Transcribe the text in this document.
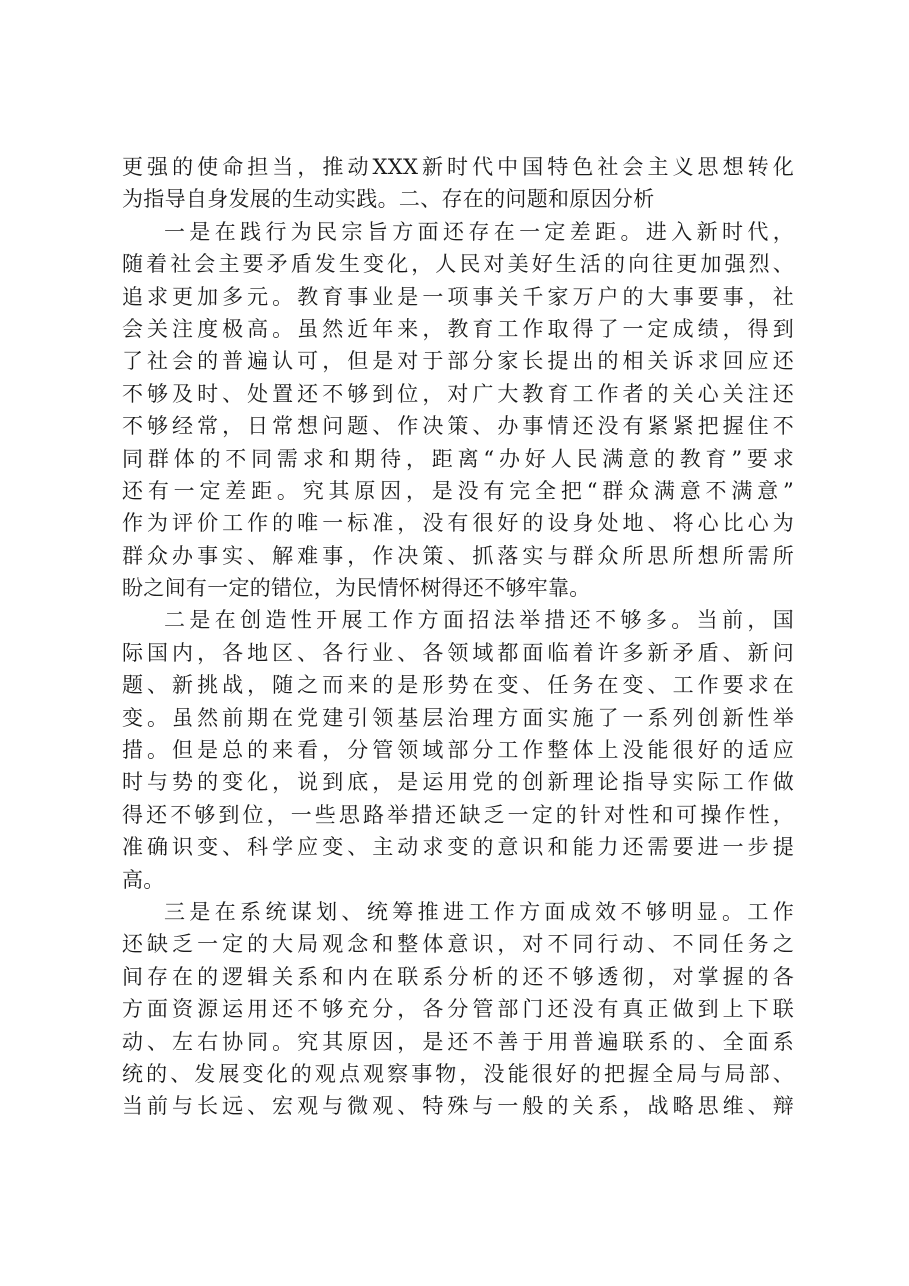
更强的使命担当，推动XXX新时代中国特色社会主义思想转化
为指导自身发展的生动实践。二、存在的问题和原因分析
一是在践行为民宗旨方面还存在一定差距。进入新时代，
随着社会主要矛盾发生变化，人民对美好生活的向往更加强烈、
追求更加多元。教育事业是一项事关千家万户的大事要事，社
会关注度极高。虽然近年来，教育工作取得了一定成绩，得到
了社会的普遍认可，但是对于部分家长提出的相关诉求回应还
不够及时、处置还不够到位，对广大教育工作者的关心关注还
不够经常，日常想问题、作决策、办事情还没有紧紧把握住不
同群体的不同需求和期待，距离“办好人民满意的教育”要求
还有一定差距。究其原因，是没有完全把“群众满意不满意”
作为评价工作的唯一标准，没有很好的设身处地、将心比心为
群众办事实、解难事，作决策、抓落实与群众所思所想所需所
盼之间有一定的错位，为民情怀树得还不够牢靠。
二是在创造性开展工作方面招法举措还不够多。当前，国
际国内，各地区、各行业、各领域都面临着许多新矛盾、新问
题、新挑战，随之而来的是形势在变、任务在变、工作要求在
变。虽然前期在党建引领基层治理方面实施了一系列创新性举
措。但是总的来看，分管领域部分工作整体上没能很好的适应
时与势的变化，说到底，是运用党的创新理论指导实际工作做
得还不够到位，一些思路举措还缺乏一定的针对性和可操作性，
准确识变、科学应变、主动求变的意识和能力还需要进一步提
高。
三是在系统谋划、统筹推进工作方面成效不够明显。工作
还缺乏一定的大局观念和整体意识，对不同行动、不同任务之
间存在的逻辑关系和内在联系分析的还不够透彻，对掌握的各
方面资源运用还不够充分，各分管部门还没有真正做到上下联
动、左右协同。究其原因，是还不善于用普遍联系的、全面系
统的、发展变化的观点观察事物，没能很好的把握全局与局部、
当前与长远、宏观与微观、特殊与一般的关系，战略思维、辩
